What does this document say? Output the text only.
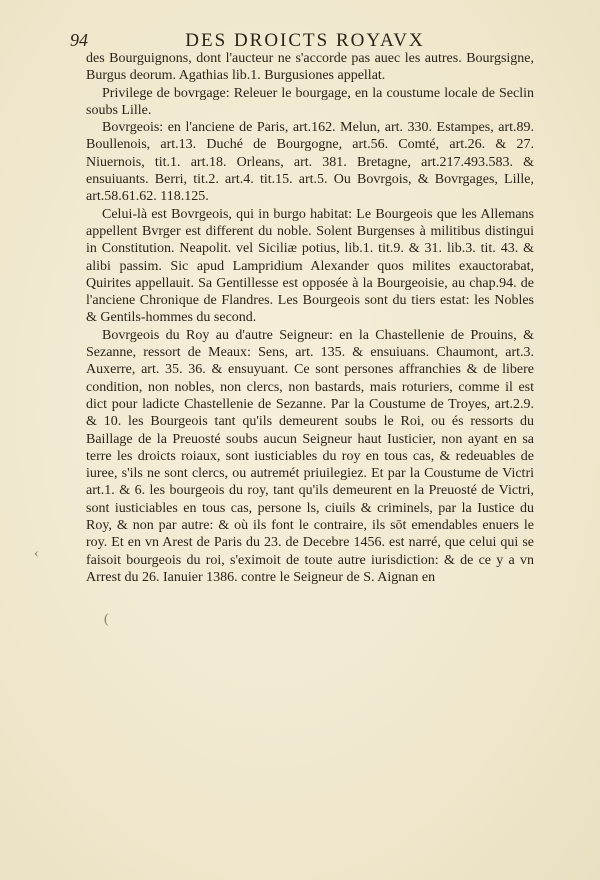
94	DES DROICTS ROYAVX

des Bourguignons, dont l'aucteur ne s'accorde pas auec les autres. Bourgsigne, Burgus deorum. Agathias lib.1. Burgusiones appellat.

Privilege de bovrgage: Releuer le bourgage, en la coustume locale de Seclin soubs Lille.

Bovrgeois: en l'anciene de Paris, art.162. Melun, art. 330. Estampes, art.89. Boullenois, art.13. Duché de Bourgogne, art.56. Comté, art.26. & 27. Niuernois, tit.1. art.18. Orleans, art. 381. Bretagne, art.217.493.583. & ensuiuants. Berri, tit.2. art.4. tit.15. art.5. Ou Bovrgois, & Bovrgages, Lille, art.58.61.62. 118.125.

Celui-là est Bovrgeois, qui in burgo habitat: Le Bourgeois que les Allemans appellent Bvrger est different du noble. Solent Burgenses à militibus distingui in Constitution. Neapolit. vel Siciliæ potius, lib.1. tit.9. & 31. lib.3. tit. 43. & alibi passim. Sic apud Lampridium Alexander quos milites exauctorabat, Quirites appellauit. Sa Gentillesse est opposée à la Bourgeoisie, au chap.94. de l'anciene Chronique de Flandres. Les Bourgeois sont du tiers estat: les Nobles & Gentils-hommes du second.

Bovrgeois du Roy au d'autre Seigneur: en la Chastellenie de Prouins, & Sezanne, ressort de Meaux: Sens, art. 135. & ensuiuans. Chaumont, art.3. Auxerre, art. 35. 36. & ensuyuant. Ce sont persones affranchies & de libere condition, non nobles, non clercs, non bastards, mais roturiers, comme il est dict pour ladicte Chastellenie de Sezanne. Par la Coustume de Troyes, art.2.9. & 10. les Bourgeois tant qu'ils demeurent soubs le Roi, ou és ressorts du Baillage de la Preuosté soubs aucun Seigneur haut Iusticier, non ayant en sa terre les droicts roiaux, sont iusticiables du roy en tous cas, & redeuables de iuree, s'ils ne sont clercs, ou autremét priuilegiez. Et par la Coustume de Victri art.1. & 6. les bourgeois du roy, tant qu'ils demeurent en la Preuosté de Victri, sont iusticiables en tous cas, persone ls, ciuils & criminels, par la Iustice du Roy, & non par autre: & où ils font le contraire, ils sōt emendables enuers le roy. Et en vn Arest de Paris du 23. de Decebre 1456. est narré, que celui qui se faisoit bourgeois du roi, s'eximoit de toute autre iurisdiction: & de ce y a vn Arrest du 26. Ianuier 1386. contre le Seigneur de S. Aignan en

‹
(
